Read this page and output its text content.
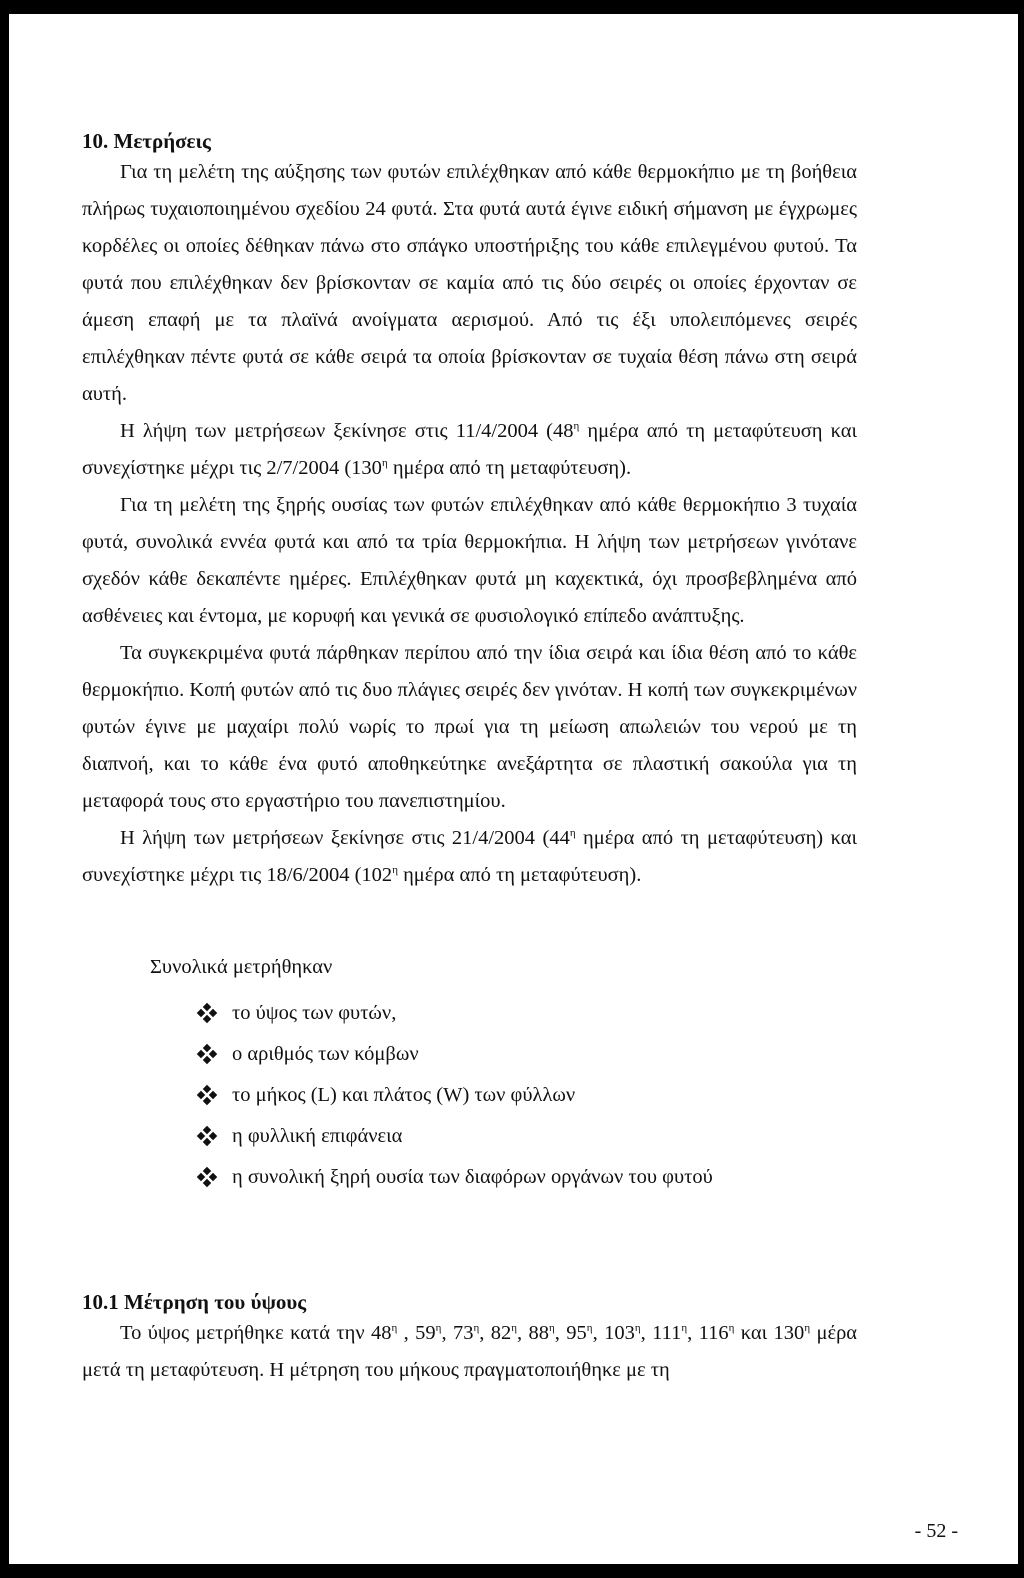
10. Μετρήσεις

Για τη μελέτη της αύξησης των φυτών επιλέχθηκαν από κάθε θερμοκήπιο με τη βοήθεια πλήρως τυχαιοποιημένου σχεδίου 24 φυτά. Στα φυτά αυτά έγινε ειδική σήμανση με έγχρωμες κορδέλες οι οποίες δέθηκαν πάνω στο σπάγκο υποστήριξης του κάθε επιλεγμένου φυτού. Τα φυτά που επιλέχθηκαν δεν βρίσκονταν σε καμία από τις δύο σειρές οι οποίες έρχονταν σε άμεση επαφή με τα πλαϊνά ανοίγματα αερισμού. Από τις έξι υπολειπόμενες σειρές επιλέχθηκαν πέντε φυτά σε κάθε σειρά τα οποία βρίσκονταν σε τυχαία θέση πάνω στη σειρά αυτή.

Η λήψη των μετρήσεων ξεκίνησε στις 11/4/2004 ($48^\eta$ ημέρα από τη μεταφύτευση και συνεχίστηκε μέχρι τις 2/7/2004 ($130^\eta$ ημέρα από τη μεταφύτευση).

Για τη μελέτη της ξηρής ουσίας των φυτών επιλέχθηκαν από κάθε θερμοκήπιο 3 τυχαία φυτά, συνολικά εννέα φυτά και από τα τρία θερμοκήπια. Η λήψη των μετρήσεων γινότανε σχεδόν κάθε δεκαπέντε ημέρες. Επιλέχθηκαν φυτά μη καχεκτικά, όχι προσβεβλημένα από ασθένειες και έντομα, με κορυφή και γενικά σε φυσιολογικό επίπεδο ανάπτυξης.

Τα συγκεκριμένα φυτά πάρθηκαν περίπου από την ίδια σειρά και ίδια θέση από το κάθε θερμοκήπιο. Κοπή φυτών από τις δυο πλάγιες σειρές δεν γινόταν. Η κοπή των συγκεκριμένων φυτών έγινε με μαχαίρι πολύ νωρίς το πρωί για τη μείωση απωλειών του νερού με τη διαπνοή, και το κάθε ένα φυτό αποθηκεύτηκε ανεξάρτητα σε πλαστική σακούλα για τη μεταφορά τους στο εργαστήριο του πανεπιστημίου.

Η λήψη των μετρήσεων ξεκίνησε στις 21/4/2004 ($44^\eta$ ημέρα από τη μεταφύτευση) και συνεχίστηκε μέχρι τις 18/6/2004 ($102^\eta$ ημέρα από τη μεταφύτευση).

Συνολικά μετρήθηκαν
το ύψος των φυτών,
ο αριθμός των κόμβων
το μήκος (L) και πλάτος (W) των φύλλων
η φυλλική επιφάνεια
η συνολική ξηρή ουσία των διαφόρων οργάνων του φυτού
10.1 Μέτρηση του ύψους

Το ύψος μετρήθηκε κατά την $48^\eta$ , $59^\eta$, $73^\eta$, $82^\eta$, $88^\eta$, $95^\eta$, $103^\eta$, $111^\eta$, $116^\eta$ και $130^\eta$ μέρα μετά τη μεταφύτευση. Η μέτρηση του μήκους πραγματοποιήθηκε με τη

- 52 -
